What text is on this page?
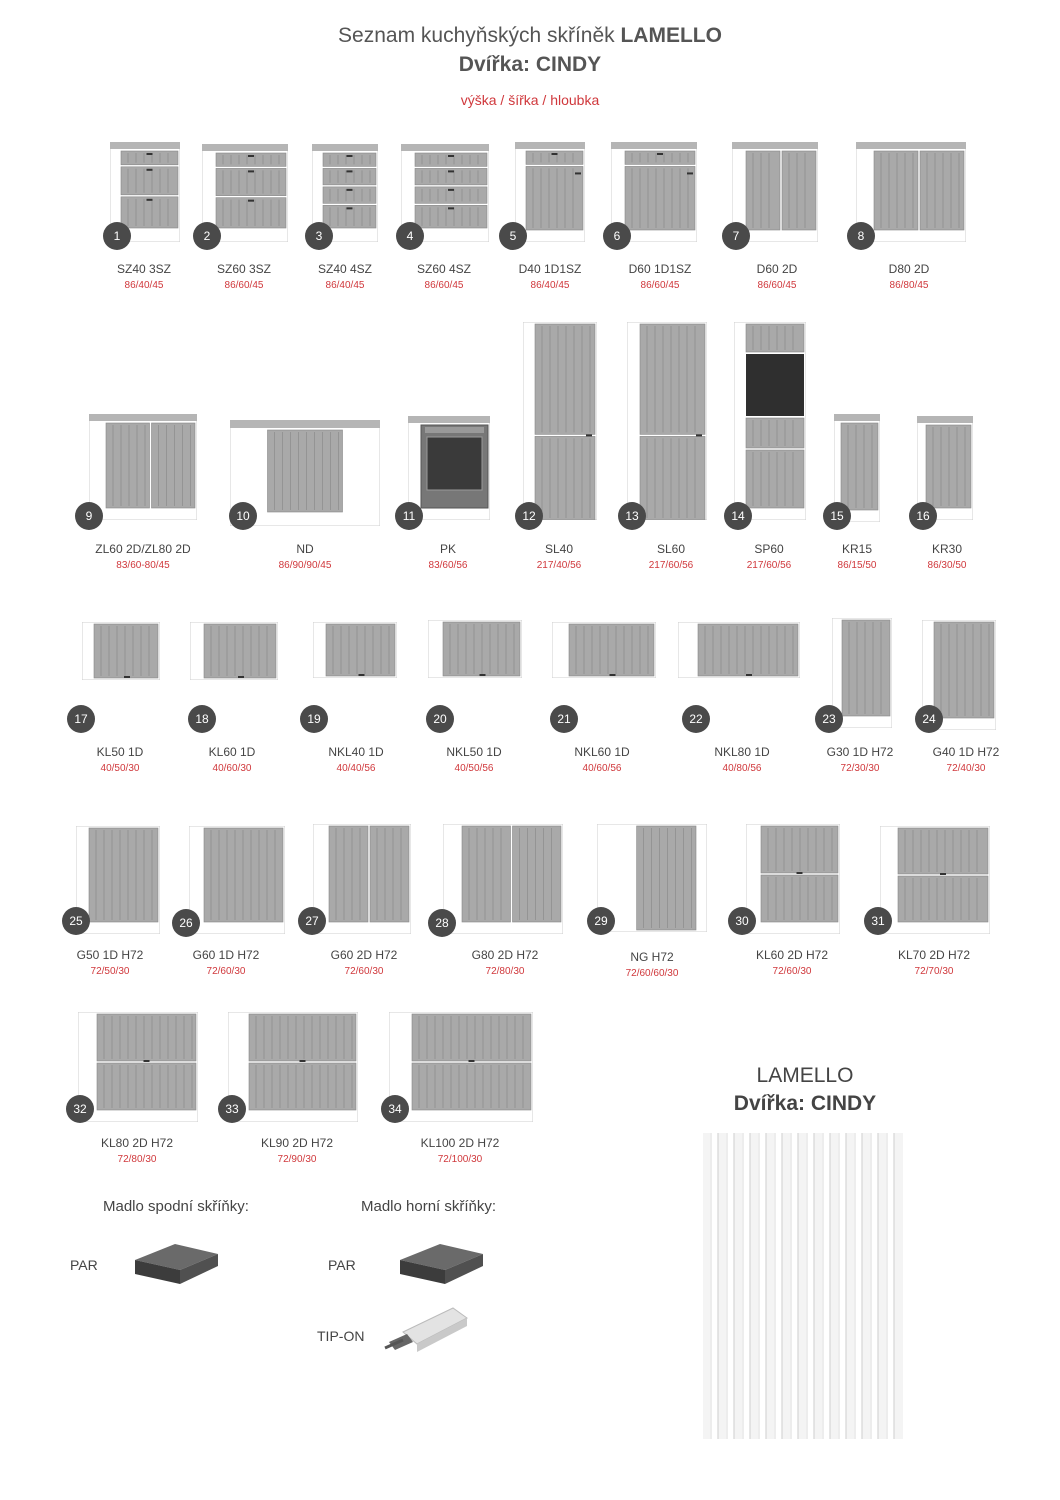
Seznam kuchyňských skříněk LAMELLO
Dvířka: CINDY
výška / šířka / hloubka
Madlo spodní skříňky:	Madlo horní skříňky:
PAR	PAR
TIP-ON
LAMELLO
Dvířka: CINDY
1
SZ40 3SZ
86/40/45
2
SZ60 3SZ
86/60/45
3
SZ40 4SZ
86/40/45
4
SZ60 4SZ
86/60/45
5
D40 1D1SZ
86/40/45
6
D60 1D1SZ
86/60/45
7
D60 2D
86/60/45
8
D80 2D
86/80/45
9
ZL60 2D/ZL80 2D
83/60-80/45
10
ND
86/90/90/45
11
PK
83/60/56
12
SL40
217/40/56
13
SL60
217/60/56
14
SP60
217/60/56
15
KR15
86/15/50
16
KR30
86/30/50
17
KL50 1D
40/50/30
18
KL60 1D
40/60/30
19
NKL40 1D
40/40/56
20
NKL50 1D
40/50/56
21
NKL60 1D
40/60/56
22
NKL80 1D
40/80/56
23
G30 1D H72
72/30/30
24
G40 1D H72
72/40/30
25
G50 1D H72
72/50/30
26
G60 1D H72
72/60/30
27
G60 2D H72
72/60/30
28
G80 2D H72
72/80/30
29
NG H72
72/60/60/30
30
KL60 2D H72
72/60/30
31
KL70 2D H72
72/70/30
32
KL80 2D H72
72/80/30
33
KL90 2D H72
72/90/30
34
KL100 2D H72
72/100/30
